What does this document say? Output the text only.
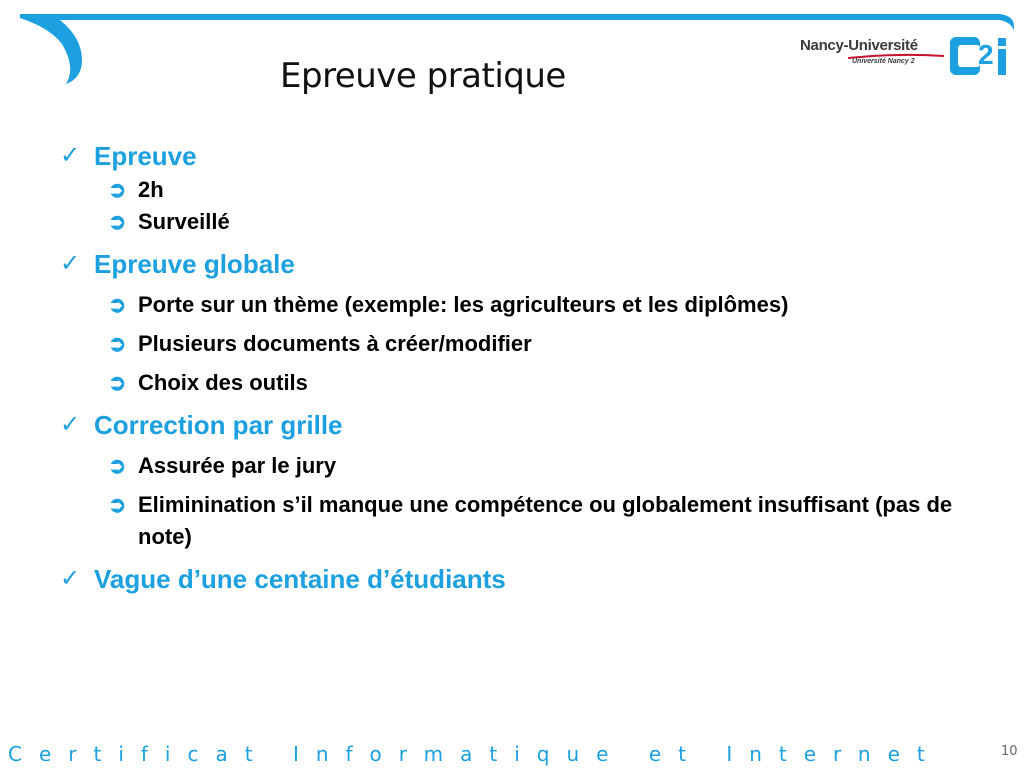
Epreuve pratique
Nancy-Université
Université Nancy 2 2
✓ Epreuve
➲ 2h
➲ Surveillé
✓ Epreuve globale
➲ Porte sur un thème (exemple: les agriculteurs et les diplômes)
➲ Plusieurs documents à créer/modifier
➲ Choix des outils
✓ Correction par grille
➲ Assurée par le jury
➲ Eliminination s’il manque une compétence ou globalement insuffisant (pas de note)
✓ Vague d’une centaine d’étudiants

Certificat Informatique et Internet	10
